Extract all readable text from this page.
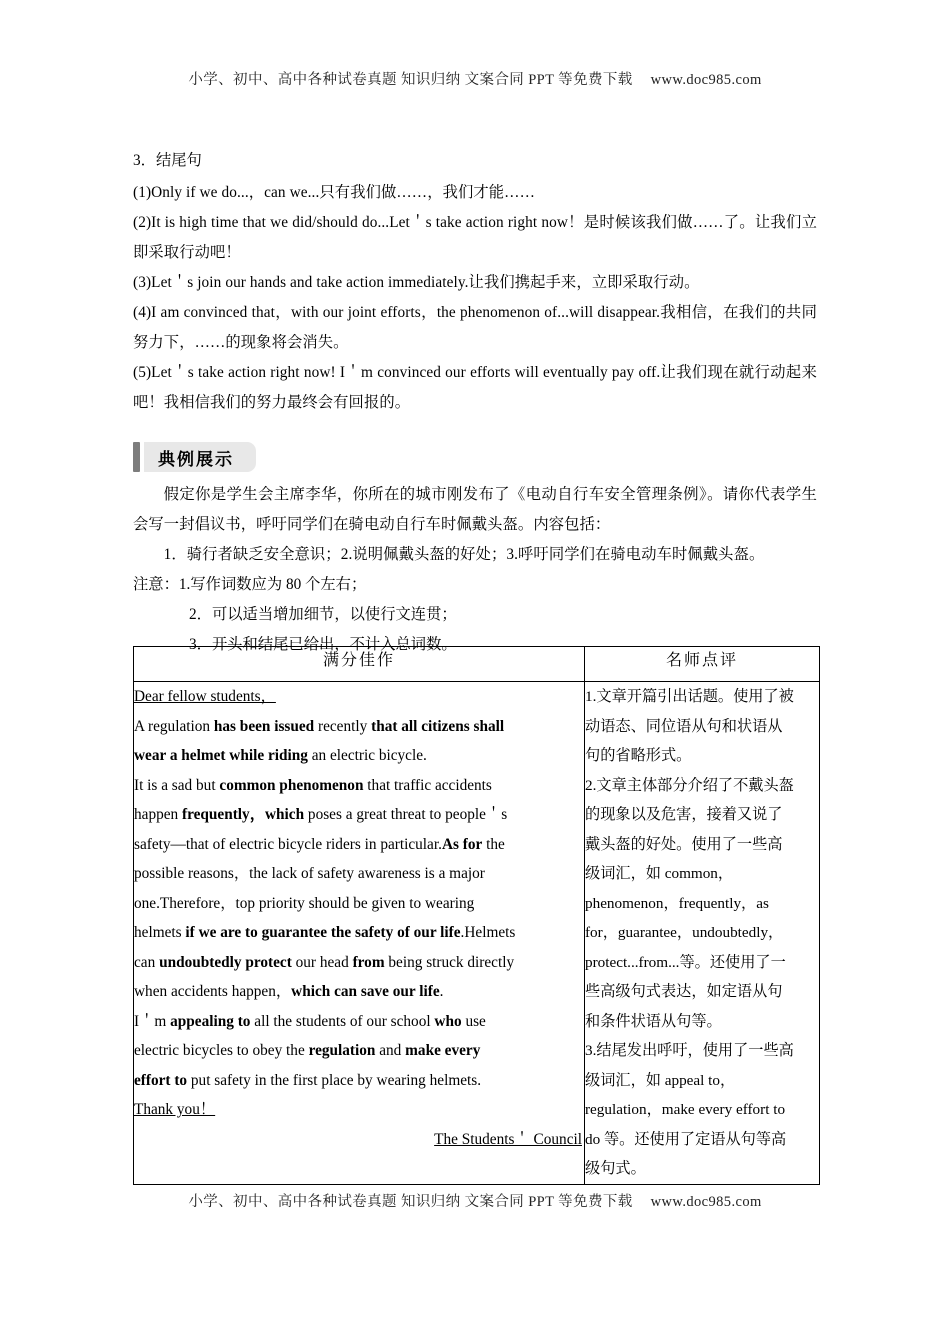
小学、初中、高中各种试卷真题 知识归纳 文案合同 PPT 等免费下载 www.doc985.com
3．结尾句

(1)Only if we do...，can we...只有我们做……，我们才能……

(2)It is high time that we did/should do...Let＇s take action right now！是时候该我们做……了。让我们立即采取行动吧！

(3)Let＇s join our hands and take action immediately.让我们携起手来，立即采取行动。

(4)I am convinced that，with our joint efforts，the phenomenon of...will disappear.我相信，在我们的共同努力下，……的现象将会消失。

(5)Let＇s take action right now! I＇m convinced our efforts will eventually pay off.让我们现在就行动起来吧！我相信我们的努力最终会有回报的。

典例展示

假定你是学生会主席李华，你所在的城市刚发布了《电动自行车安全管理条例》。请你代表学生会写一封倡议书，呼吁同学们在骑电动自行车时佩戴头盔。内容包括：

1．骑行者缺乏安全意识；2.说明佩戴头盔的好处；3.呼吁同学们在骑电动车时佩戴头盔。

注意：1.写作词数应为 80 个左右；
2．可以适当增加细节，以使行文连贯；
3．开头和结尾已给出，不计入总词数。
满分佳作	名师点评

Dear fellow students，
A regulation has been issued recently that all citizens shall
wear a helmet while riding an electric bicycle.
It is a sad but common phenomenon that traffic accidents
happen frequently，which poses a great threat to people＇s
safety—that of electric bicycle riders in particular.As for the
possible reasons，the lack of safety awareness is a major
one.Therefore，top priority should be given to wearing
helmets if we are to guarantee the safety of our life.Helmets
can undoubtedly protect our head from being struck directly
when accidents happen，which can save our life.
I＇m appealing to all the students of our school who use
electric bicycles to obey the regulation and make every
effort to put safety in the first place by wearing helmets.
Thank you！
The Students＇ Council

1.文章开篇引出话题。使用了被
动语态、同位语从句和状语从
句的省略形式。
2.文章主体部分介绍了不戴头盔
的现象以及危害，接着又说了
戴头盔的好处。使用了一些高
级词汇，如 common，
phenomenon，frequently，as
for，guarantee，undoubtedly，
protect...from...等。还使用了一
些高级句式表达，如定语从句
和条件状语从句等。
3.结尾发出呼吁，使用了一些高
级词汇，如 appeal to，
regulation，make every effort to
do 等。还使用了定语从句等高
级句式。
小学、初中、高中各种试卷真题 知识归纳 文案合同 PPT 等免费下载 www.doc985.com
